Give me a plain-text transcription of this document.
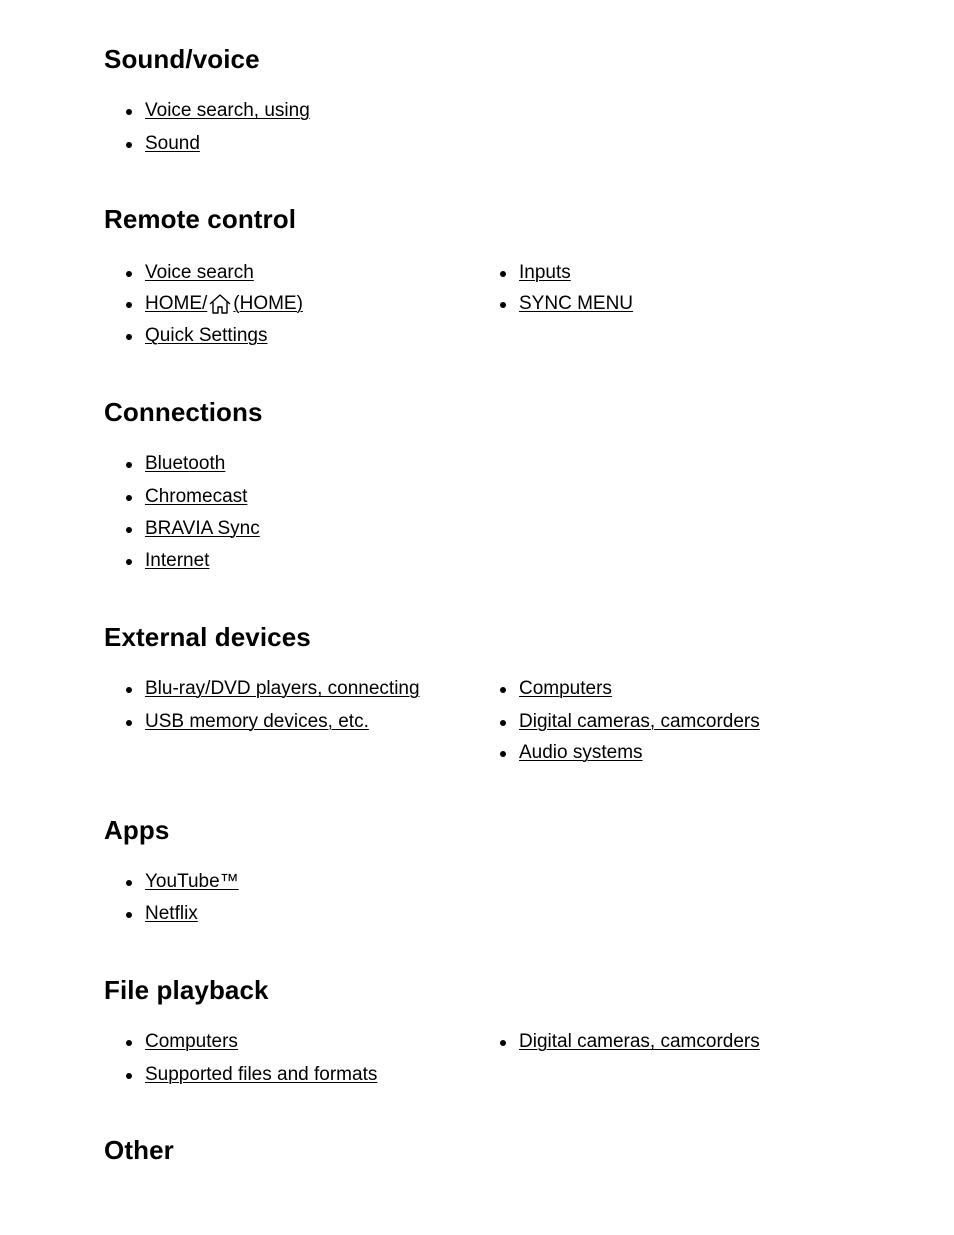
Sound/voice
Voice search, using
Sound
Remote control
Voice search
HOME/ (HOME)
Quick Settings
Inputs
SYNC MENU
Connections
Bluetooth
Chromecast
BRAVIA Sync
Internet
External devices
Blu-ray/DVD players, connecting
USB memory devices, etc.
Computers
Digital cameras, camcorders
Audio systems
Apps
YouTube™
Netflix
File playback
Computers
Supported files and formats
Digital cameras, camcorders
Other
